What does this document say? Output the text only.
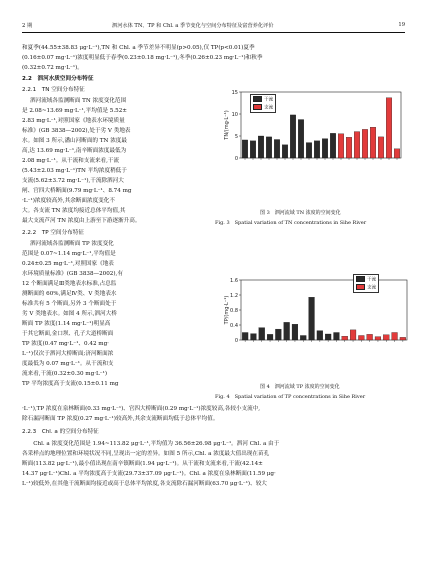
2 期	泗河水体 TN、TP 和 Chl. a 季节变化与空间分布特征及富营养化评价	19
和夏季(44.55±38.83 μg·L⁻¹),TN 和 Chl. a 季节差异不明显(p>0.05),仅 TP(p<0.01)夏季
(0.16±0.07 mg·L⁻¹)浓度明显低于春季(0.23±0.18 mg·L⁻¹),冬季(0.26±0.23 mg·L⁻¹)和秋季
(0.32±0.72 mg·L⁻¹)。
2.2　泗河水质空间分布特征
2.2.1　TN 空间分布特征
泗河流域各监测断面 TN 浓度变化范围
是 2.08~13.69 mg·L⁻¹,平均值是 5.52±
2.83 mg·L⁻¹,对照国家《地表水环境质量
标准》(GB 3838—2002),处于劣 V 类地表
水。如图 3 所示,潘山河断面的 TN 浓度最
高,达 13.69 mg·L⁻¹,南辛断面浓度最低为
2.08 mg·L⁻¹。从干流和支流来看,干流
(5.43±2.03 mg·L⁻¹)TN 平均浓度稍低于
支流(5.62±3.72 mg·L⁻¹),干流除泗河大
闸、官四大桥断面(9.79 mg·L⁻¹、8.74 mg
·L⁻¹)浓度较高外,其余断面浓度变化不
大。各支流 TN 浓度均接近总体平均值,其
最大支流芦河 TN 浓度由上游至下游逐渐升高。
2.2.2　TP 空间分布特征
泗河流域各监测断面 TP 浓度变化
范围是 0.07~1.14 mg·L⁻¹,平均值是
0.24±0.25 mg·L⁻¹,对照国家《地表
水环境质量标准》(GB 3838—2002),有
12 个断面满足Ⅲ类地表水标准,占总监
测断面的 60%,满足Ⅳ类、V 类地表水
标准共有 5 个断面,另外 3 个断面处于
劣 V 类地表水。如图 4 所示,泗河大桥
断面 TP 浓度(1.14 mg·L⁻¹)明显高
于其它断面,金口坝、孔子大道桥断面
TP 浓度(0.47 mg·L⁻¹、0.42 mg·
L⁻¹)仅次于泗河大桥断面;济河断面浓
度最低为 0.07 mg·L⁻¹。从干流和支
流来看,干流(0.32±0.30 mg·L⁻¹)
TP 平均浓度高于支流(0.15±0.11 mg
·L⁻¹),TP 浓度在泉林断面(0.33 mg·L⁻¹)、官四大桥断面(0.29 mg·L⁻¹)浓度较高,各较小支流中,
除石漏河断面 TP 浓度(0.27 mg·L⁻¹)较高外,其余支流断面均低于总体平均值。
2.2.3　Chl. a 的空间分布特征
　　Chl. a 浓度变化范围是 1.94~113.82 μg·L⁻¹,平均值为 36.56±26.98 μg·L⁻¹。泗河 Chl. a 由于
各采样点的地理位置和环境状况不同,呈现出一定的差异。如图 5 所示,Chl. a 浓度最大值出现在苗孔
断面(113.82 μg·L⁻¹),最小值出现在南辛镇断面(1.94 μg·L⁻¹)。从干流和支流来看,干流(42.14±
14.37 μg·L⁻¹)Chl. a 平均浓度高于支流(29.73±37.09 μg·L⁻¹)。Chl. a 浓度在泉林断面(11.59 μg·
L⁻¹)较低外,在其他干流断面均接近或高于总体平均浓度,各支流除石漏河断面(63.70 μg·L⁻¹)、较大
0
5
10
15
TN/(mg·L⁻¹)
干流
支流
图 3　泗河流域 TN 浓度的空间变化
Fig. 3　Spatial variation of TN concentrations in Sihe River
0
0.4
0.8
1.2
1.6
TP/(mg·L⁻¹)
干流
支流
图 4　泗河流域 TP 浓度的空间变化
Fig. 4　Spatial variation of TP concentrations in Sihe River
